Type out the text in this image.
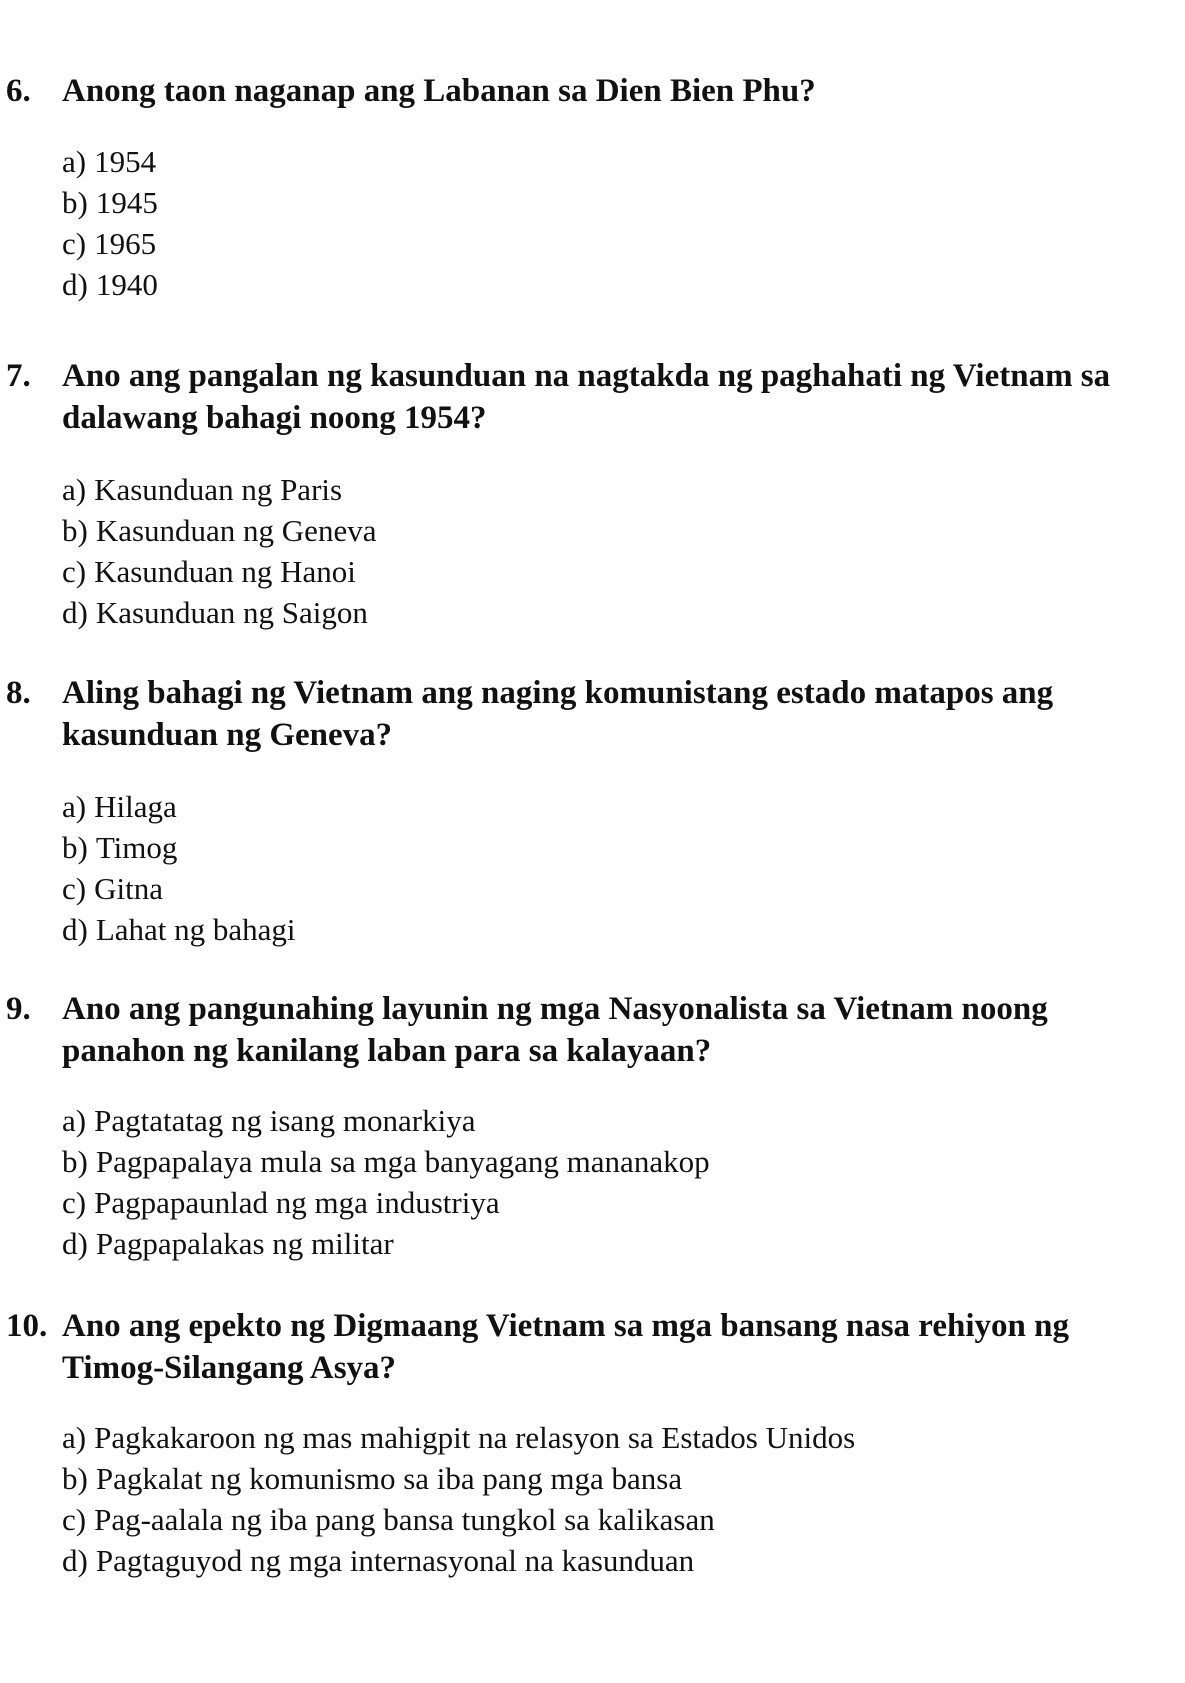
6. Anong taon naganap ang Labanan sa Dien Bien Phu?
a) 1954
b) 1945
c) 1965
d) 1940
7. Ano ang pangalan ng kasunduan na nagtakda ng paghahati ng Vietnam sa dalawang bahagi noong 1954?
a) Kasunduan ng Paris
b) Kasunduan ng Geneva
c) Kasunduan ng Hanoi
d) Kasunduan ng Saigon
8. Aling bahagi ng Vietnam ang naging komunistang estado matapos ang kasunduan ng Geneva?
a) Hilaga
b) Timog
c) Gitna
d) Lahat ng bahagi
9. Ano ang pangunahing layunin ng mga Nasyonalista sa Vietnam noong panahon ng kanilang laban para sa kalayaan?
a) Pagtatatag ng isang monarkiya
b) Pagpapalaya mula sa mga banyagang mananakop
c) Pagpapaunlad ng mga industriya
d) Pagpapalakas ng militar
10. Ano ang epekto ng Digmaang Vietnam sa mga bansang nasa rehiyon ng Timog-Silangang Asya?
a) Pagkakaroon ng mas mahigpit na relasyon sa Estados Unidos
b) Pagkalat ng komunismo sa iba pang mga bansa
c) Pag-aalala ng iba pang bansa tungkol sa kalikasan
d) Pagtaguyod ng mga internasyonal na kasunduan
